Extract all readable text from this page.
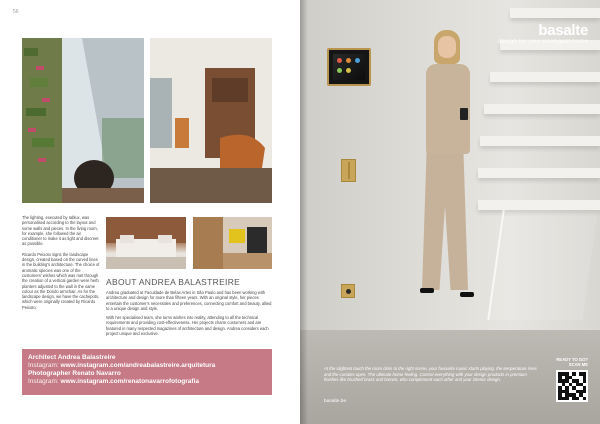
56

The lighting, executed by Iablux, was personalised according to the layout and some walls and pieces. In the living room, for example, she followed the air conditioner to make it as light and discreet as possible.

Ricardo Peixoto signs the landscape design, created based on the curved lines in the building's architecture. The choice of aromatic species was one of the customers' wishes which was met through the creation of a vertical garden were herb planters adjusted to the wall in the same colour as the Dondo armchair. As for the landscape design, we have the cachepots, which were originally created by Ricardo Peixoto.

ABOUT ANDREA BALASTREIRE

Andrea graduated at Faculdade de Belas Artes in São Paulo and has been working with architecture and design for more than fifteen years. With an original style, her pieces entertain the customer's necessities and preferences, connecting comfort and beauty, allied to a unique design and style.

With her specialised team, she turns wishes into reality, attending to all the technical requirements and providing cost-effectiveness. Her projects charm customers and are featured in many respected magazines of architecture and design. Andrea considers each project unique and exclusive.

Architect Andrea Balastreire
Instagram: www.instagram.com/andreabalastreire.arquitetura
Photographer Renato Navarro
Instagram: www.instagram.com/renatonavarrofotografia
basalte
design for your intelligent home
At the slightest touch the room dims to the right scene, your favourite music starts playing, the temperature rises and the curtains open. The ultimate home feeling. Control everything with your design products in premium finishes like brushed brass and bronze, who complement each other and your interior design.
basalte.be
READY TO GO? SCAN ME
